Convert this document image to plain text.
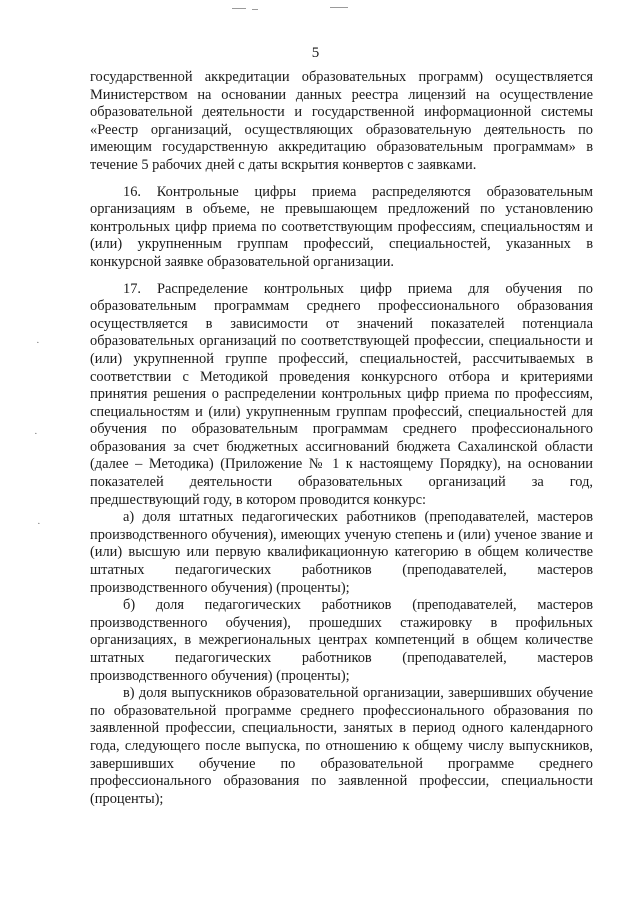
5
·
·
·

государственной аккредитации образовательных программ) осуществляется Министерством на основании данных реестра лицензий на осуществление образовательной деятельности и государственной информационной системы «Реестр организаций, осуществляющих образовательную деятельность по имеющим государственную аккредитацию образовательным программам» в течение 5 рабочих дней с даты вскрытия конвертов с заявками.

16. Контрольные цифры приема распределяются образовательным организациям в объеме, не превышающем предложений по установлению контрольных цифр приема по соответствующим профессиям, специальностям и (или) укрупненным группам профессий, специальностей, указанных в конкурсной заявке образовательной организации.

17. Распределение контрольных цифр приема для обучения по образовательным программам среднего профессионального образования осуществляется в зависимости от значений показателей потенциала образовательных организаций по соответствующей профессии, специальности и (или) укрупненной группе профессий, специальностей, рассчитываемых в соответствии с Методикой проведения конкурсного отбора и критериями принятия решения о распределении контрольных цифр приема по профессиям, специальностям и (или) укрупненным группам профессий, специальностей для обучения по образовательным программам среднего профессионального образования за счет бюджетных ассигнований бюджета Сахалинской области (далее – Методика) (Приложение № 1 к настоящему Порядку), на основании показателей деятельности образовательных организаций за год, предшествующий году, в котором проводится конкурс:

а) доля штатных педагогических работников (преподавателей, мастеров производственного обучения), имеющих ученую степень и (или) ученое звание и (или) высшую или первую квалификационную категорию в общем количестве штатных педагогических работников (преподавателей, мастеров производственного обучения) (проценты);

б) доля педагогических работников (преподавателей, мастеров производственного обучения), прошедших стажировку в профильных организациях, в межрегиональных центрах компетенций в общем количестве штатных педагогических работников (преподавателей, мастеров производственного обучения) (проценты);

в) доля выпускников образовательной организации, завершивших обучение по образовательной программе среднего профессионального образования по заявленной профессии, специальности, занятых в период одного календарного года, следующего после выпуска, по отношению к общему числу выпускников, завершивших обучение по образовательной программе среднего профессионального образования по заявленной профессии, специальности (проценты);
